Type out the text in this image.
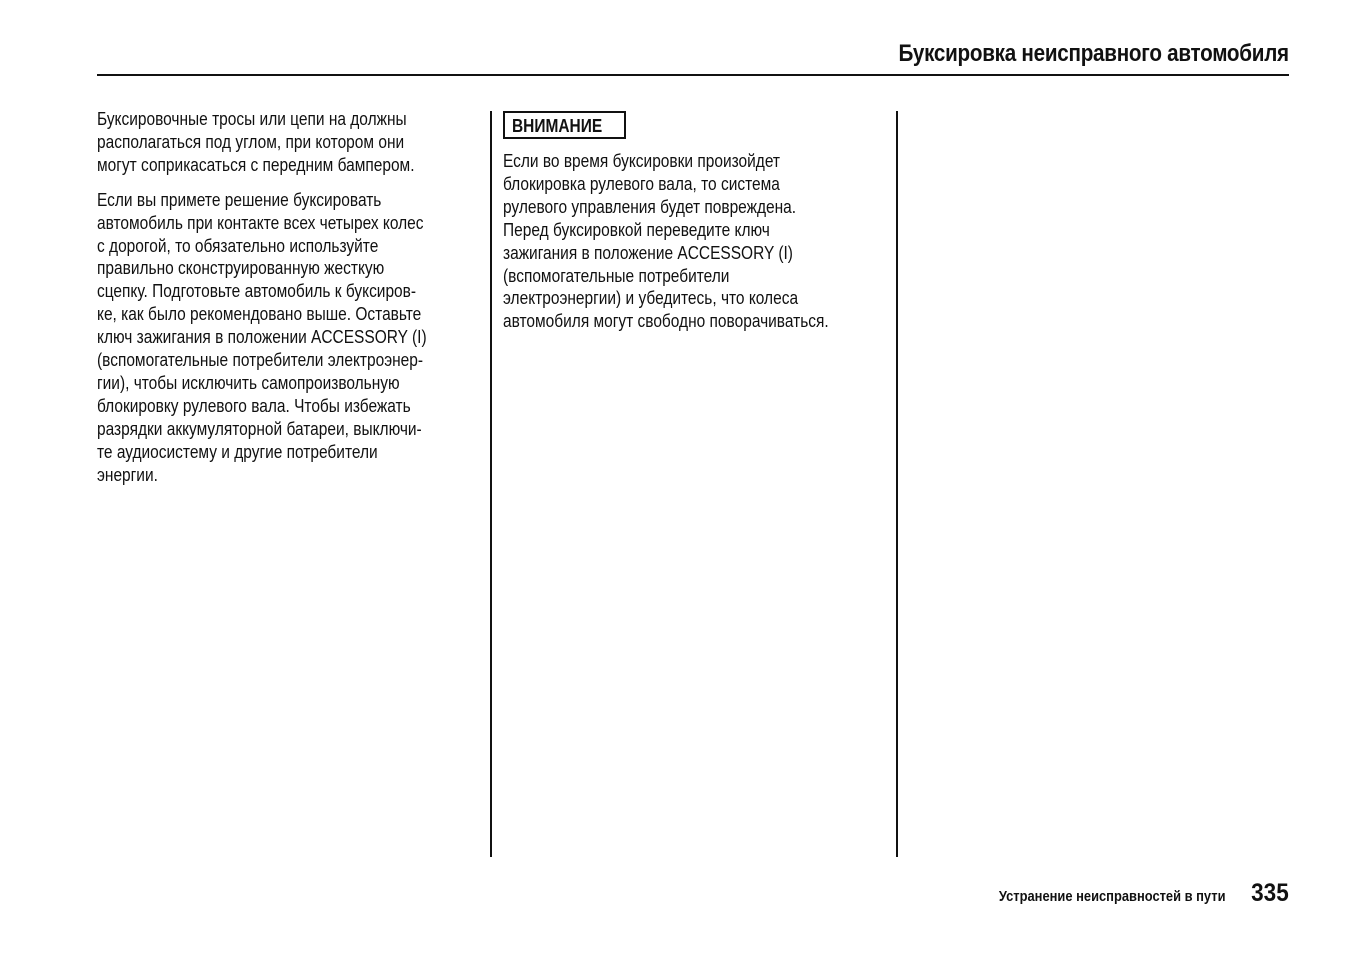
Буксировка неисправного автомобиля

Буксировочные тросы или цепи на должны
располагаться под углом, при котором они
могут соприкасаться с передним бампером.

Если вы примете решение буксировать
автомобиль при контакте всех четырех колес
с дорогой, то обязательно используйте
правильно сконструированную жесткую
сцепку. Подготовьте автомобиль к буксиров-
ке, как было рекомендовано выше. Оставьте
ключ зажигания в положении ACCESSORY (I)
(вспомогательные потребители электроэнер-
гии), чтобы исключить самопроизвольную
блокировку рулевого вала. Чтобы избежать
разрядки аккумуляторной батареи, выключи-
те аудиосистему и другие потребители
энергии.

ВНИМАНИЕ

Если во время буксировки произойдет
блокировка рулевого вала, то система
рулевого управления будет повреждена.
Перед буксировкой переведите ключ
зажигания в положение ACCESSORY (I)
(вспомогательные потребители
электроэнергии) и убедитесь, что колеса
автомобиля могут свободно поворачиваться.

Устранение неисправностей в пути 335
